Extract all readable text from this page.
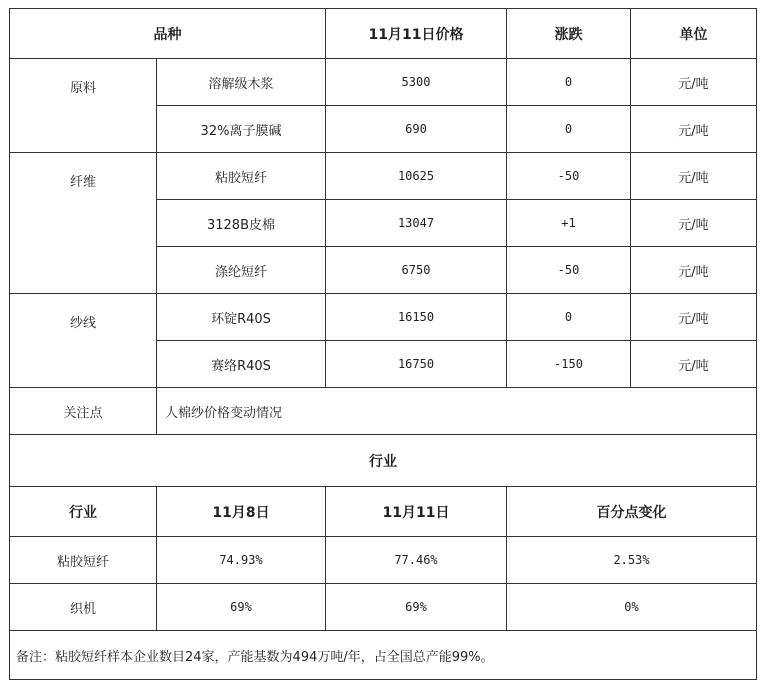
品种		11月11日价格	涨跌	单位
原料	溶解级木浆	5300	0	元/吨
	32%离子膜碱	690	0	元/吨
纤维	粘胶短纤	10625	-50	元/吨
	3128B皮棉	13047	+1	元/吨
	涤纶短纤	6750	-50	元/吨
纱线	环锭R40S	16150	0	元/吨
	赛络R40S	16750	-150	元/吨
关注点	人棉纱价格变动情况			
行业				
行业	11月8日	11月11日	百分点变化	
粘胶短纤	74.93%	77.46%	2.53%	
织机	69%	69%	0%	
备注：粘胶短纤样本企业数目24家，产能基数为494万吨/年，占全国总产能99%。				
